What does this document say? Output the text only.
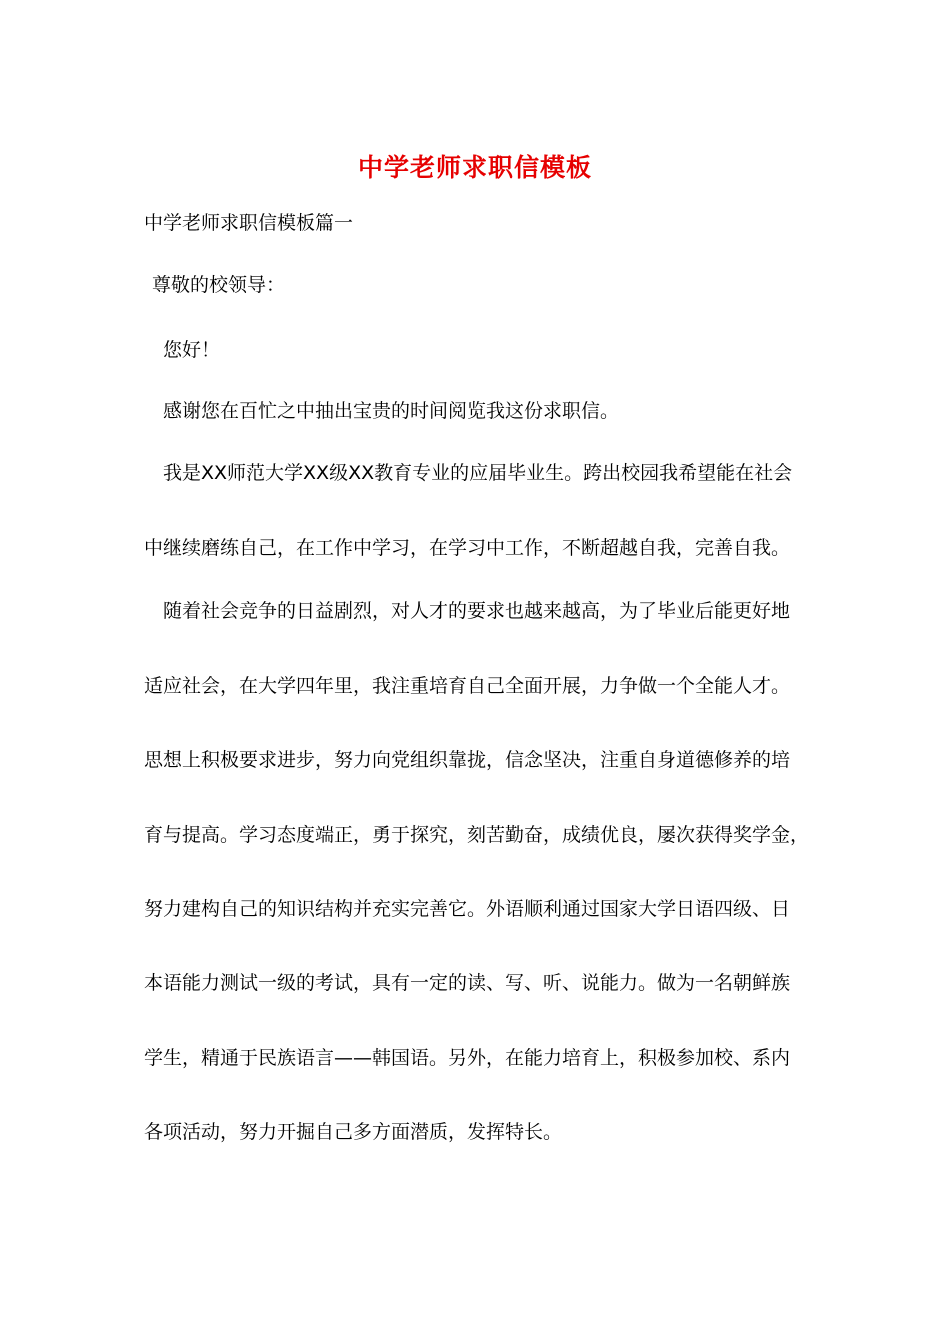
中学老师求职信模板
中学老师求职信模板篇一
尊敬的校领导：
您好！
感谢您在百忙之中抽出宝贵的时间阅览我这份求职信。
我是XX师范大学XX级XX教育专业的应届毕业生。跨出校园我希望能在社会
中继续磨练自己，在工作中学习，在学习中工作，不断超越自我，完善自我。
随着社会竞争的日益剧烈，对人才的要求也越来越高，为了毕业后能更好地
适应社会，在大学四年里，我注重培育自己全面开展，力争做一个全能人才。
思想上积极要求进步，努力向党组织靠拢，信念坚决，注重自身道德修养的培
育与提高。学习态度端正，勇于探究，刻苦勤奋，成绩优良，屡次获得奖学金，
努力建构自己的知识结构并充实完善它。外语顺利通过国家大学日语四级、日
本语能力测试一级的考试，具有一定的读、写、听、说能力。做为一名朝鲜族
学生，精通于民族语言——韩国语。另外，在能力培育上，积极参加校、系内
各项活动，努力开掘自己多方面潜质，发挥特长。
